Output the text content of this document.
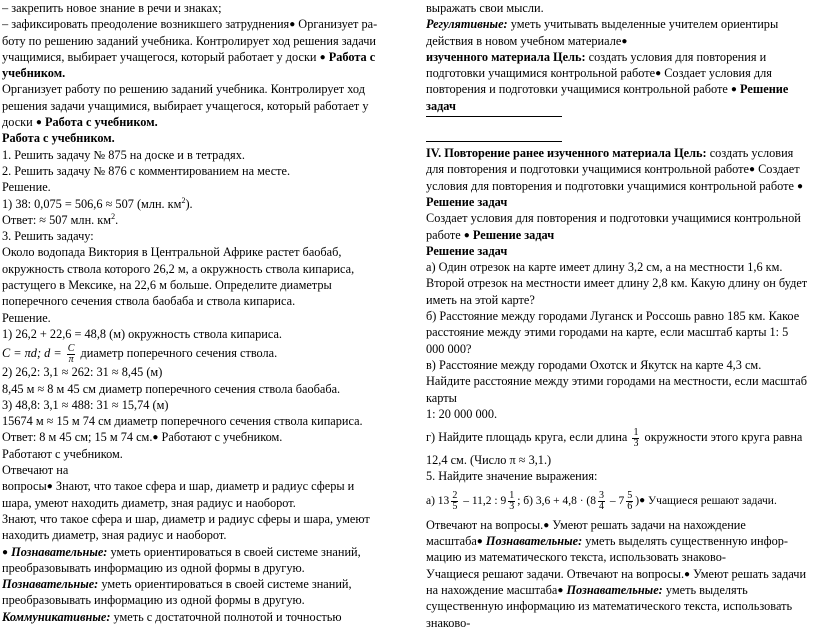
– закрепить новое знание в речи и знаках;
– зафиксировать преодоление возникшего затруднения● Организует ра-
боту по решению заданий учебника. Контролирует ход решения задачи
учащимися, выбирает учащегося, который работает у доски ● Работа с
учебником.
Организует работу по решению заданий учебника. Контролирует ход
решения задачи учащимися, выбирает учащегося, который работает у
доски ● Работа с учебником.
Работа с учебником.
1. Решить задачу № 875 на доске и в тетрадях.
2. Решить задачу № 876 с комментированием на месте.
Решение.
1) 38: 0,075 = 506,6 ≈ 507 (млн. $км^2$).
Ответ: ≈ 507 млн. $км^2$.
3. Решить задачу:
Около водопада Виктория в Центральной Африке растет баобаб,
окружность ствола которого 26,2 м, а окружность ствола кипариса,
растущего в Мексике, на 22,6 м больше. Определите диаметры
поперечного сечения ствола баобаба и ствола кипариса.
Решение.
1) 26,2 + 22,6 = 48,8 (м) окружность ствола кипариса.
C = πd; $d = \frac{C}{\pi}$ диаметр поперечного сечения ствола.
2) 26,2: 3,1 ≈ 262: 31 ≈ 8,45 (м)
8,45 м ≈ 8 м 45 см диаметр поперечного сечения ствола баобаба.
3) 48,8: 3,1 ≈ 488: 31 ≈ 15,74 (м)
15674 м ≈ 15 м 74 см диаметр поперечного сечения ствола кипариса.
Ответ: 8 м 45 см; 15 м 74 см.● Работают с учебником.
Работают с учебником.
Отвечают на
вопросы● Знают, что такое сфера и шар, диаметр и радиус сферы и
шара, умеют находить диаметр, зная радиус и наоборот.
Знают, что такое сфера и шар, диаметр и радиус сферы и шара, умеют
находить диаметр, зная радиус и наоборот.
● Познавательные: уметь ориентироваться в своей системе знаний,
преобразовывать информацию из одной формы в другую.
Познавательные: уметь ориентироваться в своей системе знаний,
преобразовывать информацию из одной формы в другую.
Коммуникативные: уметь с достаточной полнотой и точностью
выражать свои мысли.
Регулятивные: уметь учитывать выделенные учителем ориентиры
действия в новом учебном материале●
изученного материала Цель: создать условия для повторения и
подготовки учащимися контрольной работе● Создает условия для
повторения и подготовки учащимися контрольной работе ● Решение
задач
IV. Повторение ранее изученного материала Цель: создать условия
для повторения и подготовки учащимися контрольной работе● Создает
условия для повторения и подготовки учащимися контрольной работе ●
Решение задач
Создает условия для повторения и подготовки учащимися контрольной
работе ● Решение задач
Решение задач
а) Один отрезок на карте имеет длину 3,2 см, а на местности 1,6 км.
Второй отрезок на местности имеет длину 2,8 км. Какую длину он будет
иметь на этой карте?
б) Расстояние между городами Луганск и Россошь равно 185 км. Какое
расстояние между этими городами на карте, если масштаб карты 1: 5
000 000?
в) Расстояние между городами Охотск и Якутск на карте 4,3 см.
Найдите расстояние между этими городами на местности, если масштаб
карты
1: 20 000 000.
г) Найдите площадь круга, если длина $\frac{1}{3}$ окружности этого круга равна
12,4 см. (Число π ≈ 3,1.)
5. Найдите значение выражения:
а) $13 \frac{2}{5} - 11,2$ : $9 \frac{1}{3}$ ; б) $3,6 + 4,8 \cdot (8 \frac{3}{4} - 7 \frac{5}{6}$ )● Учащиеся решают задачи.
Отвечают на вопросы.● Умеют решать задачи на нахождение
масштаба● Познавательные: уметь выделять существенную инфор-
мацию из математического текста, использовать знаково-
Учащиеся решают задачи. Отвечают на вопросы.● Умеют решать задачи
на нахождение масштаба● Познавательные: уметь выделять
существенную информацию из математического текста, использовать
знаково-
